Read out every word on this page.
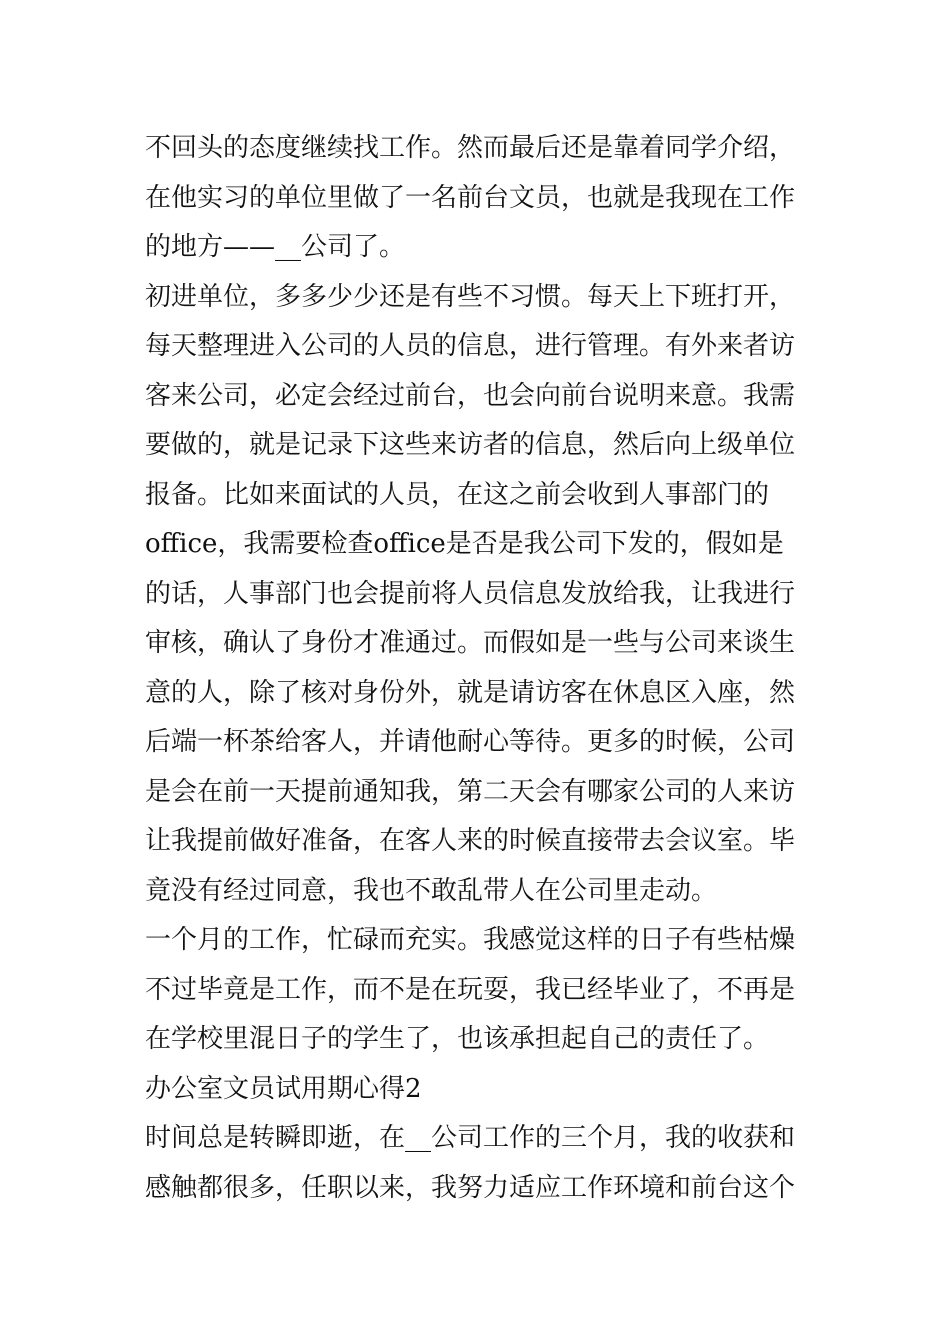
不回头的态度继续找工作。然而最后还是靠着同学介绍，
在他实习的单位里做了一名前台文员，也就是我现在工作
的地方——__公司了。
初进单位，多多少少还是有些不习惯。每天上下班打开，
每天整理进入公司的人员的信息，进行管理。有外来者访
客来公司，必定会经过前台，也会向前台说明来意。我需
要做的，就是记录下这些来访者的信息，然后向上级单位
报备。比如来面试的人员，在这之前会收到人事部门的
office，我需要检查office是否是我公司下发的，假如是
的话，人事部门也会提前将人员信息发放给我，让我进行
审核，确认了身份才准通过。而假如是一些与公司来谈生
意的人，除了核对身份外，就是请访客在休息区入座，然
后端一杯茶给客人，并请他耐心等待。更多的时候，公司
是会在前一天提前通知我，第二天会有哪家公司的人来访
让我提前做好准备，在客人来的时候直接带去会议室。毕
竟没有经过同意，我也不敢乱带人在公司里走动。
一个月的工作，忙碌而充实。我感觉这样的日子有些枯燥
不过毕竟是工作，而不是在玩耍，我已经毕业了，不再是
在学校里混日子的学生了，也该承担起自己的责任了。
办公室文员试用期心得2
时间总是转瞬即逝，在__公司工作的三个月，我的收获和
感触都很多，任职以来，我努力适应工作环境和前台这个
